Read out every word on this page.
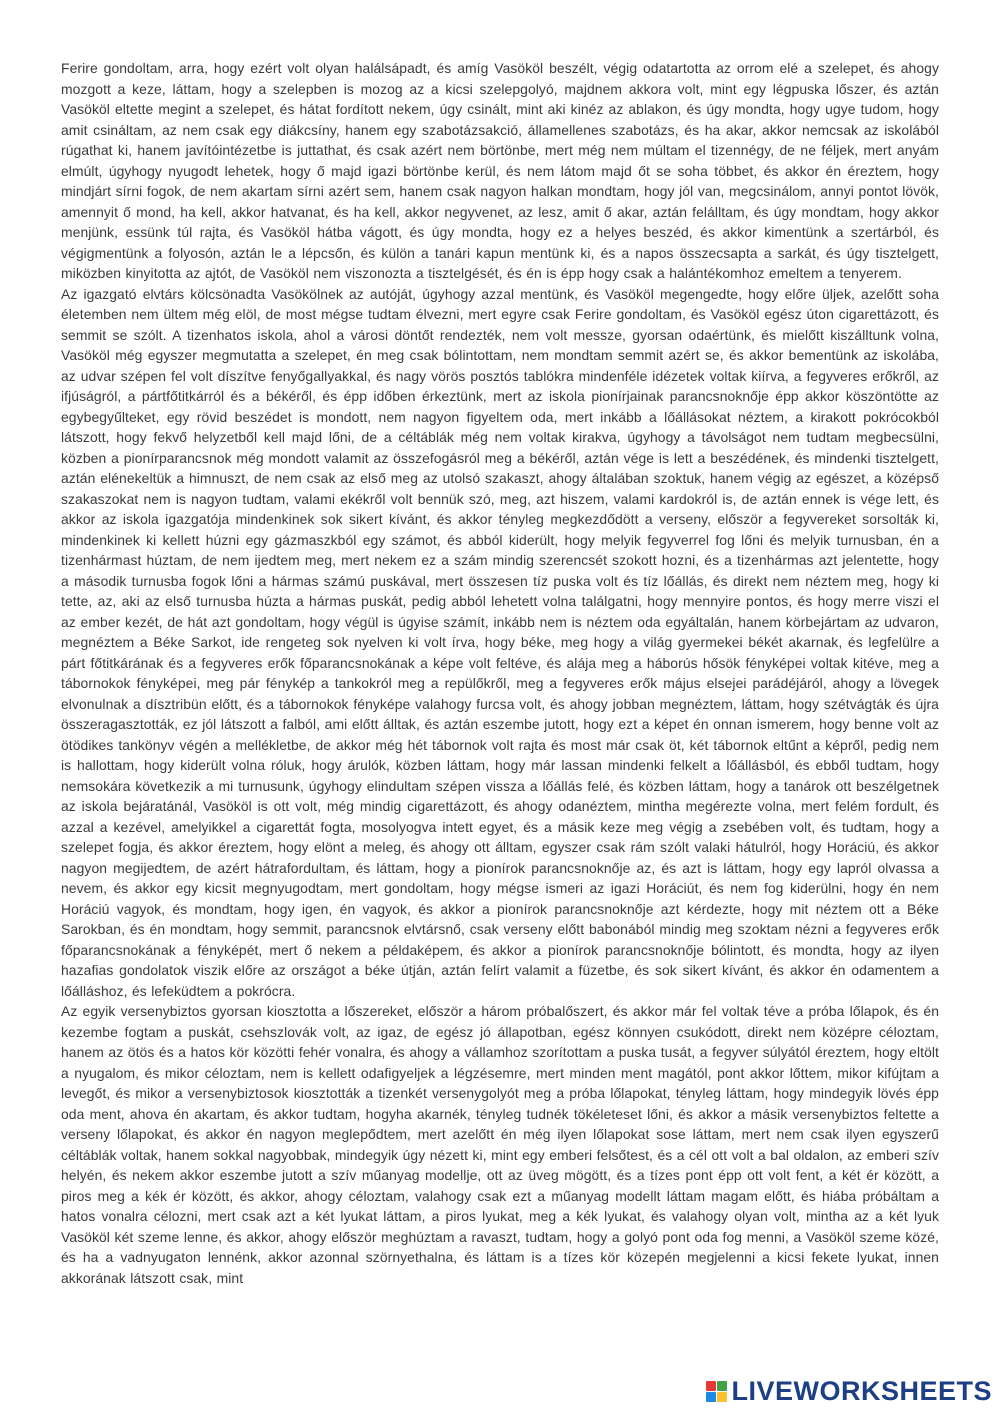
Ferire gondoltam, arra, hogy ezért volt olyan halálsápadt, és amíg Vasököl beszélt, végig odatartotta az orrom elé a szelepet, és ahogy mozgott a keze, láttam, hogy a szelepben is mozog az a kicsi szelepgolyó, majdnem akkora volt, mint egy légpuska lőszer, és aztán Vasököl eltette megint a szelepet, és hátat fordított nekem, úgy csinált, mint aki kinéz az ablakon, és úgy mondta, hogy ugye tudom, hogy amit csináltam, az nem csak egy diákcsíny, hanem egy szabotázsakció, államellenes szabotázs, és ha akar, akkor nemcsak az iskolából rúgathat ki, hanem javítóintézetbe is juttathat, és csak azért nem börtönbe, mert még nem múltam el tizennégy, de ne féljek, mert anyám elmúlt, úgyhogy nyugodt lehetek, hogy ő majd igazi börtönbe kerül, és nem látom majd őt se soha többet, és akkor én éreztem, hogy mindjárt sírni fogok, de nem akartam sírni azért sem, hanem csak nagyon halkan mondtam, hogy jól van, megcsinálom, annyi pontot lövök, amennyit ő mond, ha kell, akkor hatvanat, és ha kell, akkor negyvenet, az lesz, amit ő akar, aztán felálltam, és úgy mondtam, hogy akkor menjünk, essünk túl rajta, és Vasököl hátba vágott, és úgy mondta, hogy ez a helyes beszéd, és akkor kimentünk a szertárból, és végigmentünk a folyosón, aztán le a lépcsőn, és külön a tanári kapun mentünk ki, és a napos összecsapta a sarkát, és úgy tisztelgett, miközben kinyitotta az ajtót, de Vasököl nem viszonozta a tisztelgését, és én is épp hogy csak a halántékomhoz emeltem a tenyerem.

Az igazgató elvtárs kölcsönadta Vasökölnek az autóját, úgyhogy azzal mentünk, és Vasököl megengedte, hogy előre üljek, azelőtt soha életemben nem ültem még elöl, de most mégse tudtam élvezni, mert egyre csak Ferire gondoltam, és Vasököl egész úton cigarettázott, és semmit se szólt. A tizenhatos iskola, ahol a városi döntőt rendezték, nem volt messze, gyorsan odaértünk, és mielőtt kiszálltunk volna, Vasököl még egyszer megmutatta a szelepet, én meg csak bólintottam, nem mondtam semmit azért se, és akkor bementünk az iskolába, az udvar szépen fel volt díszítve fenyőgallyakkal, és nagy vörös posztós tablókra mindenféle idézetek voltak kiírva, a fegyveres erőkről, az ifjúságról, a pártfőtitkárról és a békéről, és épp időben érkeztünk, mert az iskola pionírjainak parancsnoknője épp akkor köszöntötte az egybegyűlteket, egy rövid beszédet is mondott, nem nagyon figyeltem oda, mert inkább a lőállásokat néztem, a kirakott pokrócokból látszott, hogy fekvő helyzetből kell majd lőni, de a céltáblák még nem voltak kirakva, úgyhogy a távolságot nem tudtam megbecsülni, közben a pionírparancsnok még mondott valamit az összefogásról meg a békéről, aztán vége is lett a beszédének, és mindenki tisztelgett, aztán elénekeltük a himnuszt, de nem csak az első meg az utolsó szakaszt, ahogy általában szoktuk, hanem végig az egészet, a középső szakaszokat nem is nagyon tudtam, valami ekékről volt bennük szó, meg, azt hiszem, valami kardokról is, de aztán ennek is vége lett, és akkor az iskola igazgatója mindenkinek sok sikert kívánt, és akkor tényleg megkezdődött a verseny, először a fegyvereket sorsolták ki, mindenkinek ki kellett húzni egy gázmaszkból egy számot, és abból kiderült, hogy melyik fegyverrel fog lőni és melyik turnusban, én a tizenhármast húztam, de nem ijedtem meg, mert nekem ez a szám mindig szerencsét szokott hozni, és a tizenhármas azt jelentette, hogy a második turnusba fogok lőni a hármas számú puskával, mert összesen tíz puska volt és tíz lőállás, és direkt nem néztem meg, hogy ki tette, az, aki az első turnusba húzta a hármas puskát, pedig abból lehetett volna találgatni, hogy mennyire pontos, és hogy merre viszi el az ember kezét, de hát azt gondoltam, hogy végül is úgyise számít, inkább nem is néztem oda egyáltalán, hanem körbejártam az udvaron, megnéztem a Béke Sarkot, ide rengeteg sok nyelven ki volt írva, hogy béke, meg hogy a világ gyermekei békét akarnak, és legfelülre a párt főtitkárának és a fegyveres erők főparancsnokának a képe volt feltéve, és alája meg a háborús hősök fényképei voltak kitéve, meg a tábornokok fényképei, meg pár fénykép a tankokról meg a repülőkről, meg a fegyveres erők május elsejei parádéjáról, ahogy a lövegek elvonulnak a dísztribün előtt, és a tábornokok fényképe valahogy furcsa volt, és ahogy jobban megnéztem, láttam, hogy szétvágták és újra összeragasztották, ez jól látszott a falból, ami előtt álltak, és aztán eszembe jutott, hogy ezt a képet én onnan ismerem, hogy benne volt az ötödikes tankönyv végén a mellékletbe, de akkor még hét tábornok volt rajta és most már csak öt, két tábornok eltűnt a képről, pedig nem is hallottam, hogy kiderült volna róluk, hogy árulók, közben láttam, hogy már lassan mindenki felkelt a lőállásból, és ebből tudtam, hogy nemsokára következik a mi turnusunk, úgyhogy elindultam szépen vissza a lőállás felé, és közben láttam, hogy a tanárok ott beszélgetnek az iskola bejáratánál, Vasököl is ott volt, még mindig cigarettázott, és ahogy odanéztem, mintha megérezte volna, mert felém fordult, és azzal a kezével, amelyikkel a cigarettát fogta, mosolyogva intett egyet, és a másik keze meg végig a zsebében volt, és tudtam, hogy a szelepet fogja, és akkor éreztem, hogy elönt a meleg, és ahogy ott álltam, egyszer csak rám szólt valaki hátulról, hogy Horáciú, és akkor nagyon megijedtem, de azért hátrafordultam, és láttam, hogy a pionírok parancsnoknője az, és azt is láttam, hogy egy lapról olvassa a nevem, és akkor egy kicsit megnyugodtam, mert gondoltam, hogy mégse ismeri az igazi Horáciút, és nem fog kiderülni, hogy én nem Horáciú vagyok, és mondtam, hogy igen, én vagyok, és akkor a pionírok parancsnoknője azt kérdezte, hogy mit néztem ott a Béke Sarokban, és én mondtam, hogy semmit, parancsnok elvtársnő, csak verseny előtt babonából mindig meg szoktam nézni a fegyveres erők főparancsnokának a fényképét, mert ő nekem a példaképem, és akkor a pionírok parancsnoknője bólintott, és mondta, hogy az ilyen hazafias gondolatok viszik előre az országot a béke útján, aztán felírt valamit a füzetbe, és sok sikert kívánt, és akkor én odamentem a lőálláshoz, és lefeküdtem a pokrócra.

Az egyik versenybiztos gyorsan kiosztotta a lőszereket, először a három próbalőszert, és akkor már fel voltak téve a próba lőlapok, és én kezembe fogtam a puskát, csehszlovák volt, az igaz, de egész jó állapotban, egész könnyen csukódott, direkt nem középre céloztam, hanem az ötös és a hatos kör közötti fehér vonalra, és ahogy a vállamhoz szorítottam a puska tusát, a fegyver súlyától éreztem, hogy eltölt a nyugalom, és mikor céloztam, nem is kellett odafigyeljek a légzésemre, mert minden ment magától, pont akkor lőttem, mikor kifújtam a levegőt, és mikor a versenybiztosok kiosztották a tizenkét versenygolyót meg a próba lőlapokat, tényleg láttam, hogy mindegyik lövés épp oda ment, ahova én akartam, és akkor tudtam, hogyha akarnék, tényleg tudnék tökéleteset lőni, és akkor a másik versenybiztos feltette a verseny lőlapokat, és akkor én nagyon meglepődtem, mert azelőtt én még ilyen lőlapokat sose láttam, mert nem csak ilyen egyszerű céltáblák voltak, hanem sokkal nagyobbak, mindegyik úgy nézett ki, mint egy emberi felsőtest, és a cél ott volt a bal oldalon, az emberi szív helyén, és nekem akkor eszembe jutott a szív műanyag modellje, ott az üveg mögött, és a tízes pont épp ott volt fent, a két ér között, a piros meg a kék ér között, és akkor, ahogy céloztam, valahogy csak ezt a műanyag modellt láttam magam előtt, és hiába próbáltam a hatos vonalra célozni, mert csak azt a két lyukat láttam, a piros lyukat, meg a kék lyukat, és valahogy olyan volt, mintha az a két lyuk Vasököl két szeme lenne, és akkor, ahogy először meghúztam a ravaszt, tudtam, hogy a golyó pont oda fog menni, a Vasököl szeme közé, és ha a vadnyugaton lennénk, akkor azonnal szörnyethalna, és láttam is a tízes kör közepén megjelenni a kicsi fekete lyukat, innen akkorának látszott csak, mint

LIVEWORKSHEETS
